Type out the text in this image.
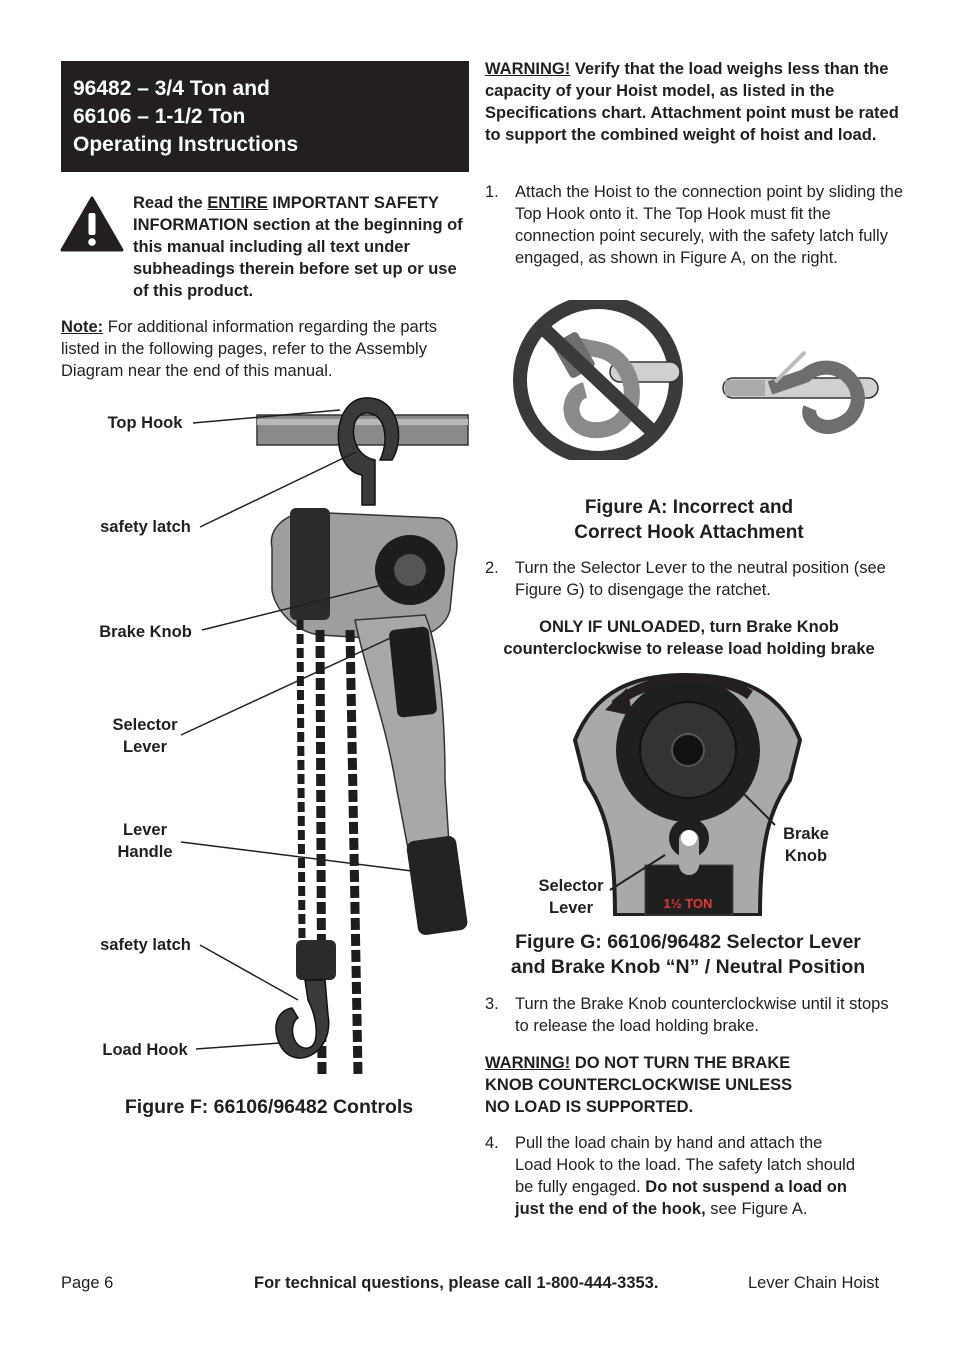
96482 – 3/4 Ton and
66106 – 1-1/2 Ton
Operating Instructions
Read the ENTIRE IMPORTANT SAFETY INFORMATION section at the beginning of this manual including all text under subheadings therein before set up or use of this product.
Note: For additional information regarding the parts listed in the following pages, refer to the Assembly Diagram near the end of this manual.
Top Hook
safety latch
Brake Knob
Selector
Lever
Lever
Handle
safety latch
Load Hook
Figure F: 66106/96482 Controls
WARNING! Verify that the load weighs less than the capacity of your Hoist model, as listed in the Specifications chart. Attachment point must be rated to support the combined weight of hoist and load.
1. Attach the Hoist to the connection point by sliding the Top Hook onto it. The Top Hook must fit the connection point securely, with the safety latch fully engaged, as shown in Figure A, on the right.
Figure A: Incorrect and
Correct Hook Attachment
2. Turn the Selector Lever to the neutral position (see Figure G) to disengage the ratchet.
ONLY IF UNLOADED, turn Brake Knob
counterclockwise to release load holding brake
1½ TON
Brake
Knob
Selector
Lever
Figure G: 66106/96482 Selector Lever
and Brake Knob “N” / Neutral Position
3. Turn the Brake Knob counterclockwise until it stops to release the load holding brake.
WARNING! DO NOT TURN THE BRAKE KNOB COUNTERCLOCKWISE UNLESS NO LOAD IS SUPPORTED.
4. Pull the load chain by hand and attach the Load Hook to the load. The safety latch should be fully engaged. Do not suspend a load on just the end of the hook, see Figure A.
Page 6	For technical questions, please call 1-800-444-3353.	Lever Chain Hoist
